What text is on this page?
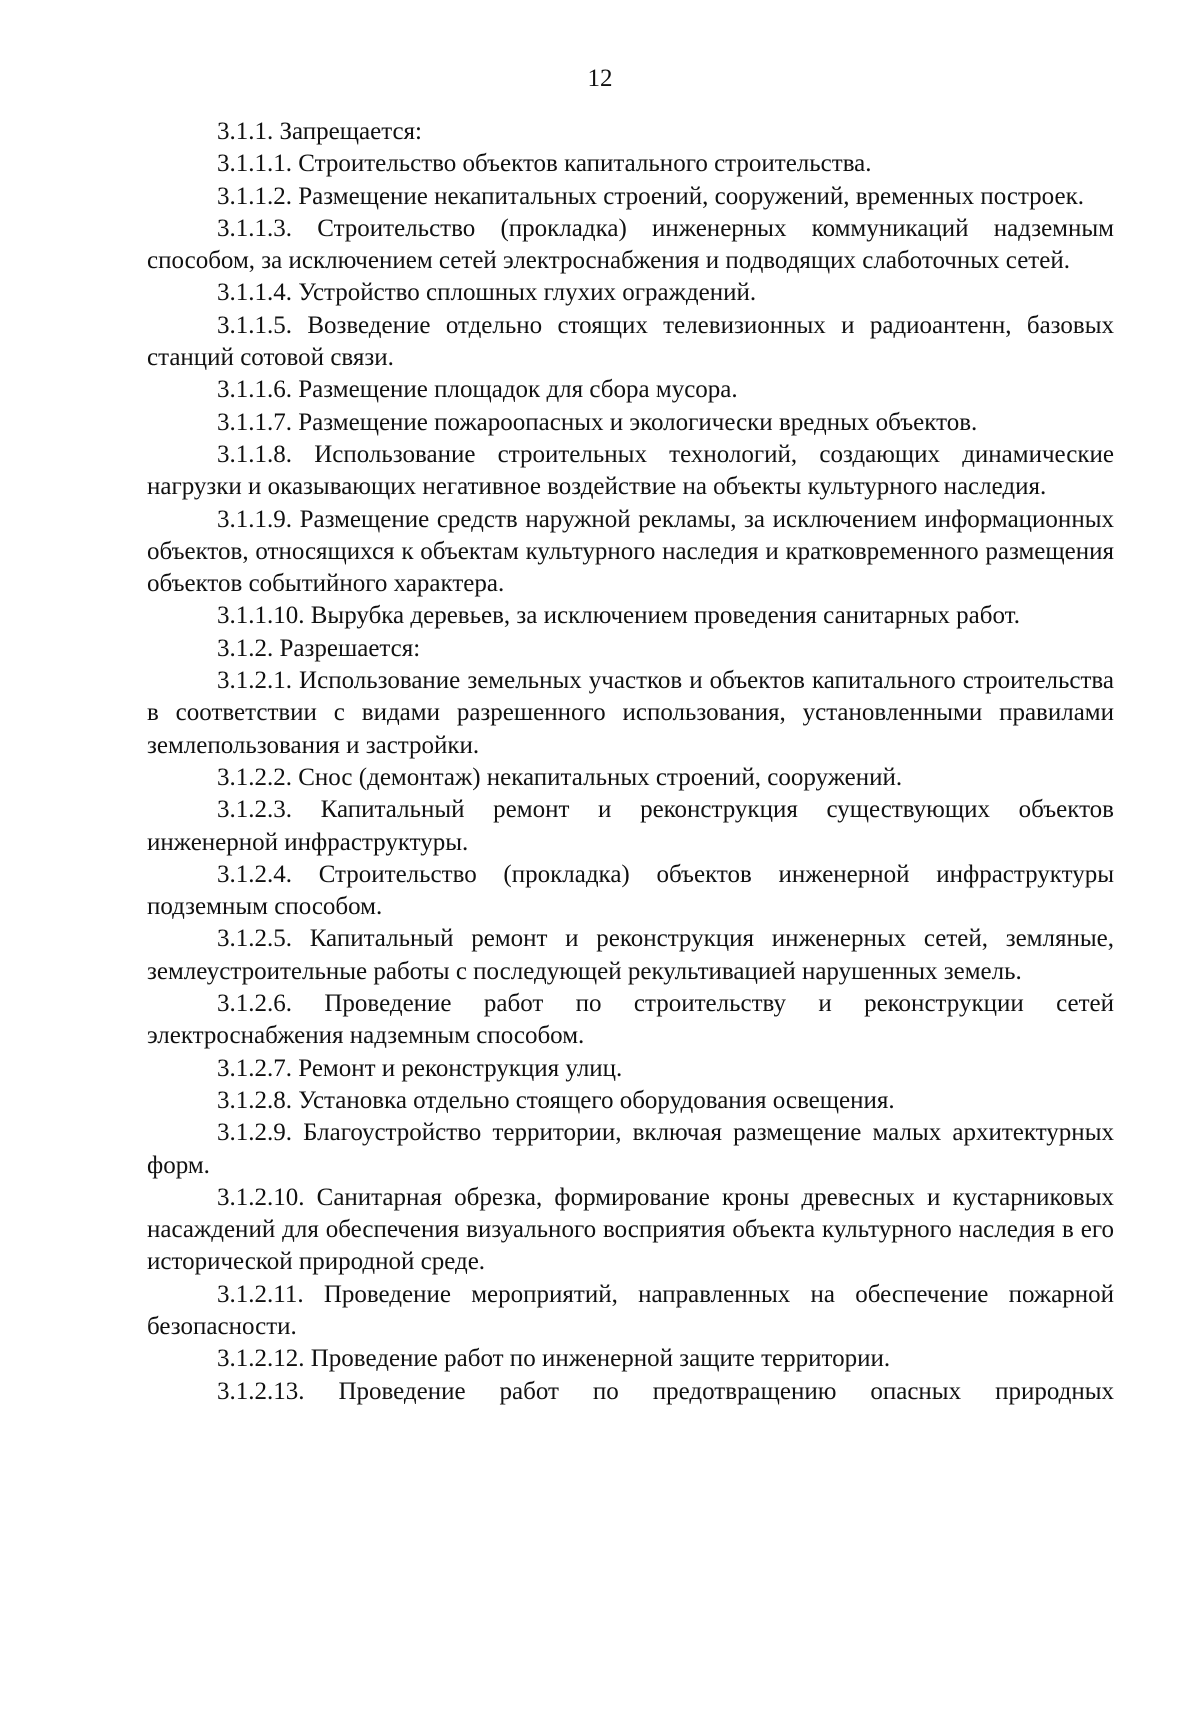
12

3.1.1. Запрещается:

3.1.1.1. Строительство объектов капитального строительства.

3.1.1.2. Размещение некапитальных строений, сооружений, временных построек.

3.1.1.3. Строительство (прокладка) инженерных коммуникаций надземным способом, за исключением сетей электроснабжения и подводящих слаботочных сетей.

3.1.1.4. Устройство сплошных глухих ограждений.

3.1.1.5. Возведение отдельно стоящих телевизионных и радиоантенн, базовых станций сотовой связи.

3.1.1.6. Размещение площадок для сбора мусора.

3.1.1.7. Размещение пожароопасных и экологически вредных объектов.

3.1.1.8. Использование строительных технологий, создающих динамические нагрузки и оказывающих негативное воздействие на объекты культурного наследия.

3.1.1.9. Размещение средств наружной рекламы, за исключением информационных объектов, относящихся к объектам культурного наследия и кратковременного размещения объектов событийного характера.

3.1.1.10. Вырубка деревьев, за исключением проведения санитарных работ.

3.1.2. Разрешается:

3.1.2.1. Использование земельных участков и объектов капитального строительства в соответствии с видами разрешенного использования, установленными правилами землепользования и застройки.

3.1.2.2. Снос (демонтаж) некапитальных строений, сооружений.

3.1.2.3. Капитальный ремонт и реконструкция существующих объектов инженерной инфраструктуры.

3.1.2.4. Строительство (прокладка) объектов инженерной инфраструктуры подземным способом.

3.1.2.5. Капитальный ремонт и реконструкция инженерных сетей, земляные, землеустроительные работы с последующей рекультивацией нарушенных земель.

3.1.2.6. Проведение работ по строительству и реконструкции сетей электроснабжения надземным способом.

3.1.2.7. Ремонт и реконструкция улиц.

3.1.2.8. Установка отдельно стоящего оборудования освещения.

3.1.2.9. Благоустройство территории, включая размещение малых архитектурных форм.

3.1.2.10. Санитарная обрезка, формирование кроны древесных и кустарниковых насаждений для обеспечения визуального восприятия объекта культурного наследия в его исторической природной среде.

3.1.2.11. Проведение мероприятий, направленных на обеспечение пожарной безопасности.

3.1.2.12. Проведение работ по инженерной защите территории.

3.1.2.13. Проведение работ по предотвращению опасных природных
